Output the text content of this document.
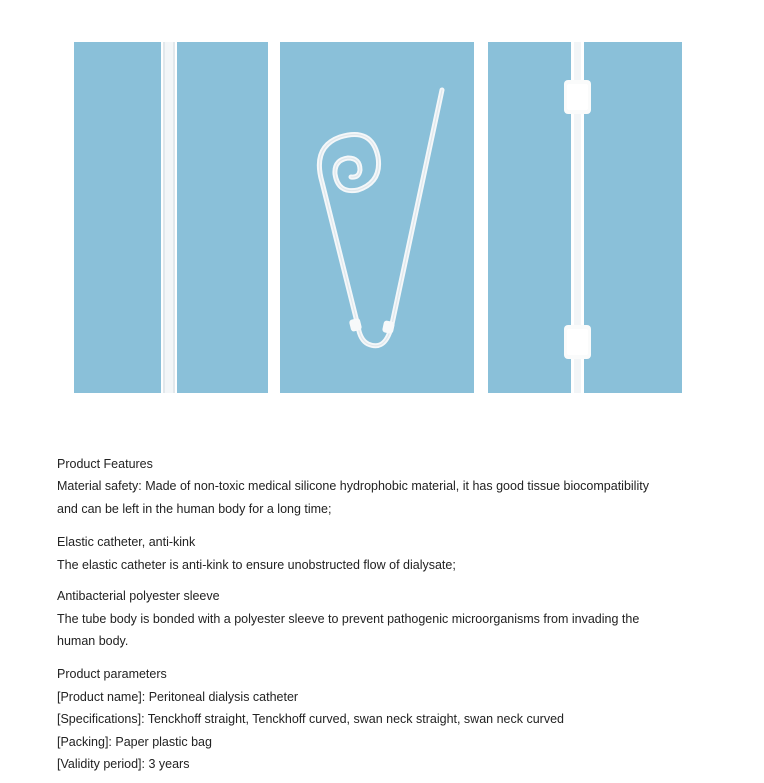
Product Features

Material safety: Made of non-toxic medical silicone hydrophobic material, it has good tissue biocompatibility

and can be left in the human body for a long time;

Elastic catheter, anti-kink

The elastic catheter is anti-kink to ensure unobstructed flow of dialysate;

Antibacterial polyester sleeve

The tube body is bonded with a polyester sleeve to prevent pathogenic microorganisms from invading the

human body.

Product parameters

[Product name]: Peritoneal dialysis catheter

[Specifications]: Tenckhoff straight, Tenckhoff curved, swan neck straight, swan neck curved

[Packing]: Paper plastic bag

[Validity period]: 3 years
